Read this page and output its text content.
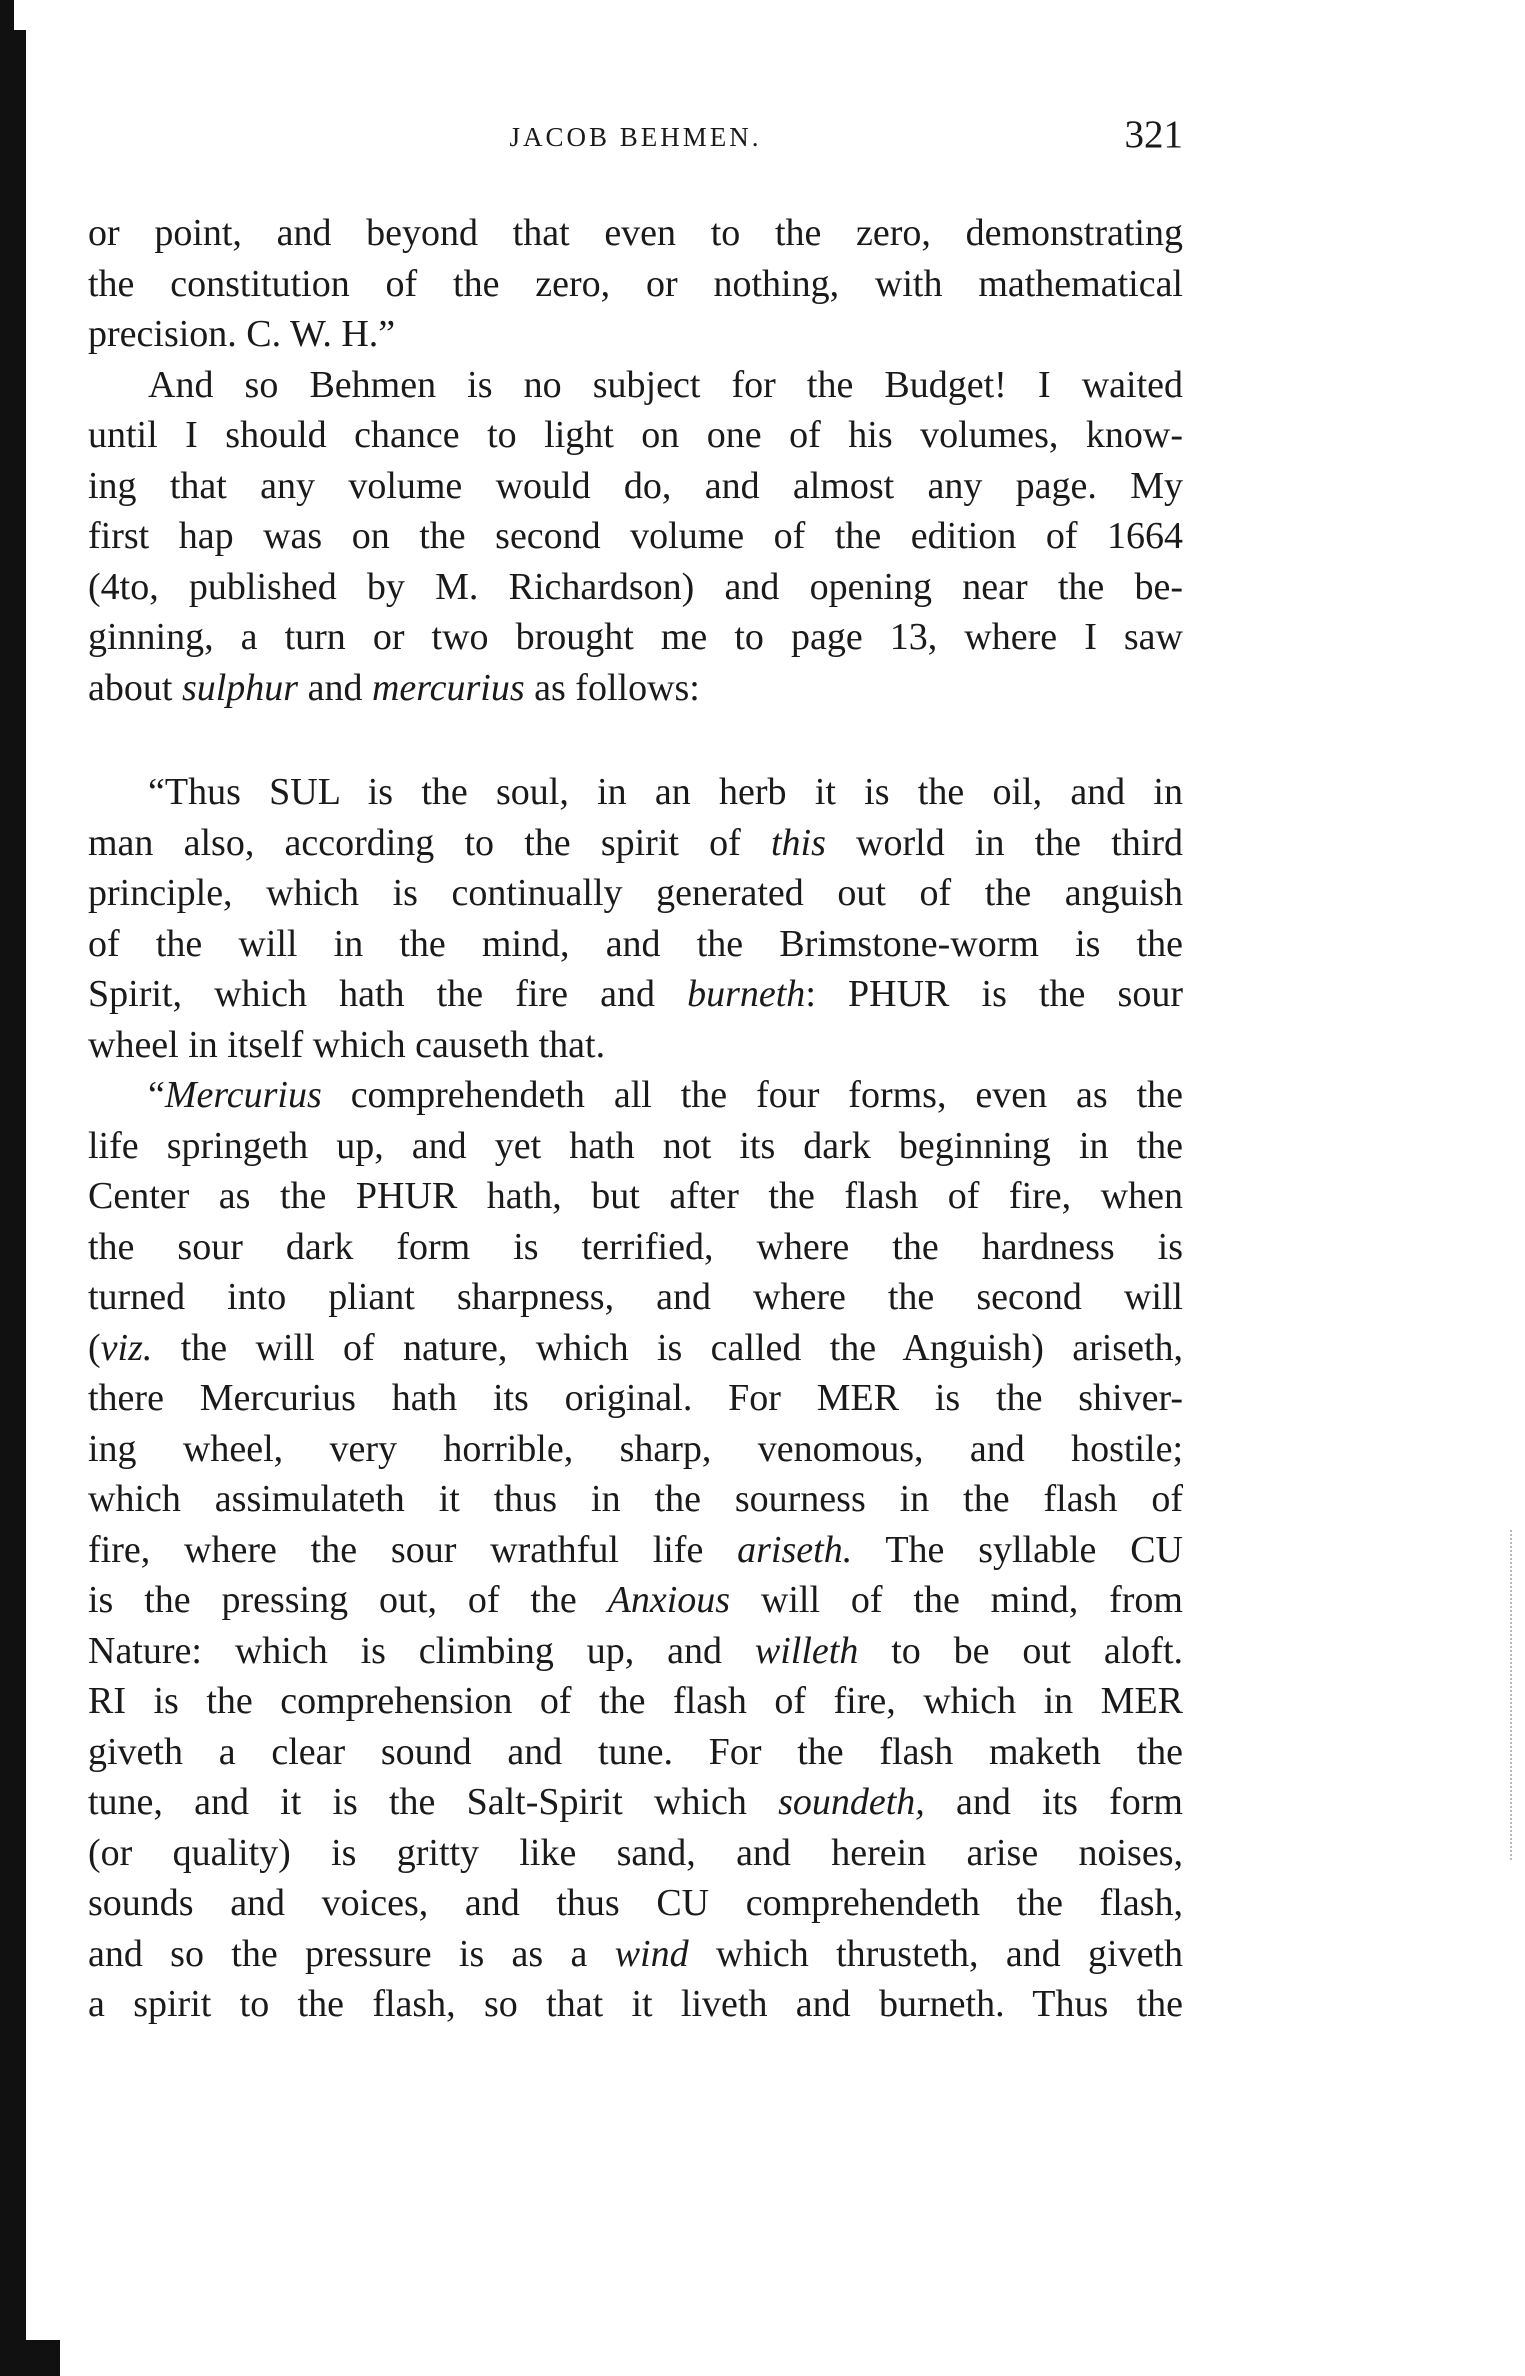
JACOB BEHMEN.	321
or point, and beyond that even to the zero, demonstrating
the constitution of the zero, or nothing, with mathematical
precision. C. W. H.”
And so Behmen is no subject for the Budget! I waited
until I should chance to light on one of his volumes, know-
ing that any volume would do, and almost any page. My
first hap was on the second volume of the edition of 1664
(4to, published by M. Richardson) and opening near the be-
ginning, a turn or two brought me to page 13, where I saw
about sulphur and mercurius as follows:
“Thus SUL is the soul, in an herb it is the oil, and in
man also, according to the spirit of this world in the third
principle, which is continually generated out of the anguish
of the will in the mind, and the Brimstone-worm is the
Spirit, which hath the fire and burneth: PHUR is the sour
wheel in itself which causeth that.
“Mercurius comprehendeth all the four forms, even as the
life springeth up, and yet hath not its dark beginning in the
Center as the PHUR hath, but after the flash of fire, when
the sour dark form is terrified, where the hardness is
turned into pliant sharpness, and where the second will
(viz. the will of nature, which is called the Anguish) ariseth,
there Mercurius hath its original. For MER is the shiver-
ing wheel, very horrible, sharp, venomous, and hostile;
which assimulateth it thus in the sourness in the flash of
fire, where the sour wrathful life ariseth. The syllable CU
is the pressing out, of the Anxious will of the mind, from
Nature: which is climbing up, and willeth to be out aloft.
RI is the comprehension of the flash of fire, which in MER
giveth a clear sound and tune. For the flash maketh the
tune, and it is the Salt-Spirit which soundeth, and its form
(or quality) is gritty like sand, and herein arise noises,
sounds and voices, and thus CU comprehendeth the flash,
and so the pressure is as a wind which thrusteth, and giveth
a spirit to the flash, so that it liveth and burneth. Thus the
